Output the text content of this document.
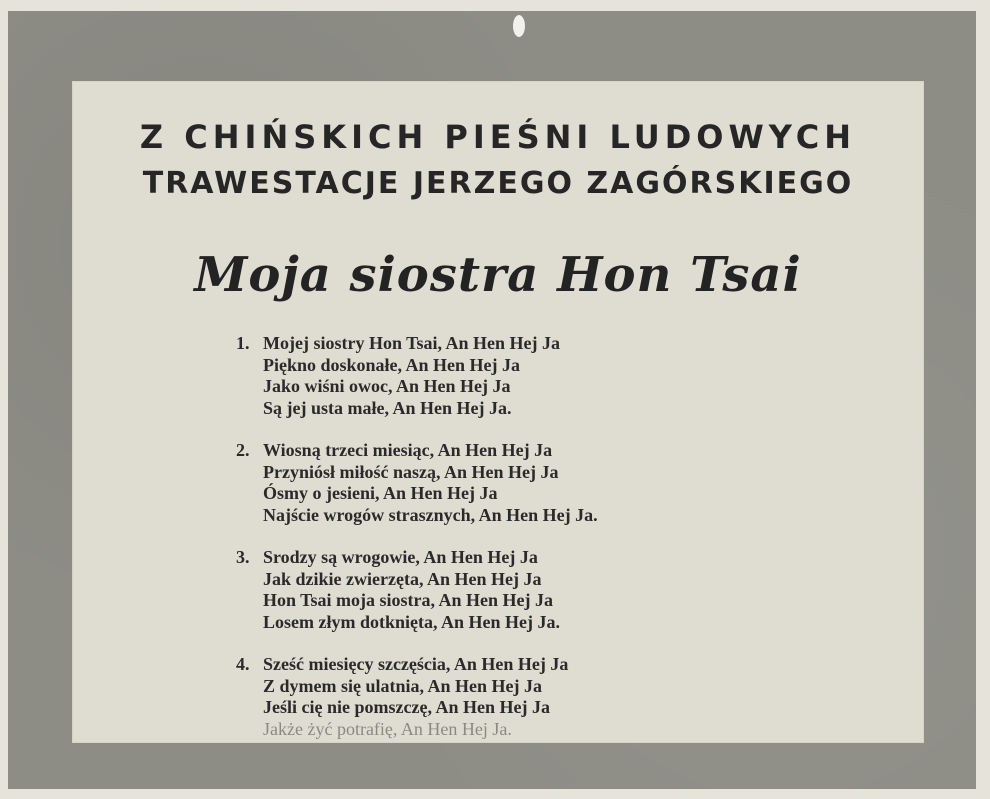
Z CHIŃSKICH PIEŚNI LUDOWYCH
TRAWESTACJE JERZEGO ZAGÓRSKIEGO
Moja siostra Hon Tsai
1. Mojej siostry Hon Tsai, An Hen Hej Ja
Piękno doskonałe, An Hen Hej Ja
Jako wiśni owoc, An Hen Hej Ja
Są jej usta małe, An Hen Hej Ja.
2. Wiosną trzeci miesiąc, An Hen Hej Ja
Przyniósł miłość naszą, An Hen Hej Ja
Ósmy o jesieni, An Hen Hej Ja
Najście wrogów strasznych, An Hen Hej Ja.
3. Srodzy są wrogowie, An Hen Hej Ja
Jak dzikie zwierzęta, An Hen Hej Ja
Hon Tsai moja siostra, An Hen Hej Ja
Losem złym dotknięta, An Hen Hej Ja.
4. Sześć miesięcy szczęścia, An Hen Hej Ja
Z dymem się ulatnia, An Hen Hej Ja
Jeśli cię nie pomszczę, An Hen Hej Ja
Jakże żyć potrafię, An Hen Hej Ja.
